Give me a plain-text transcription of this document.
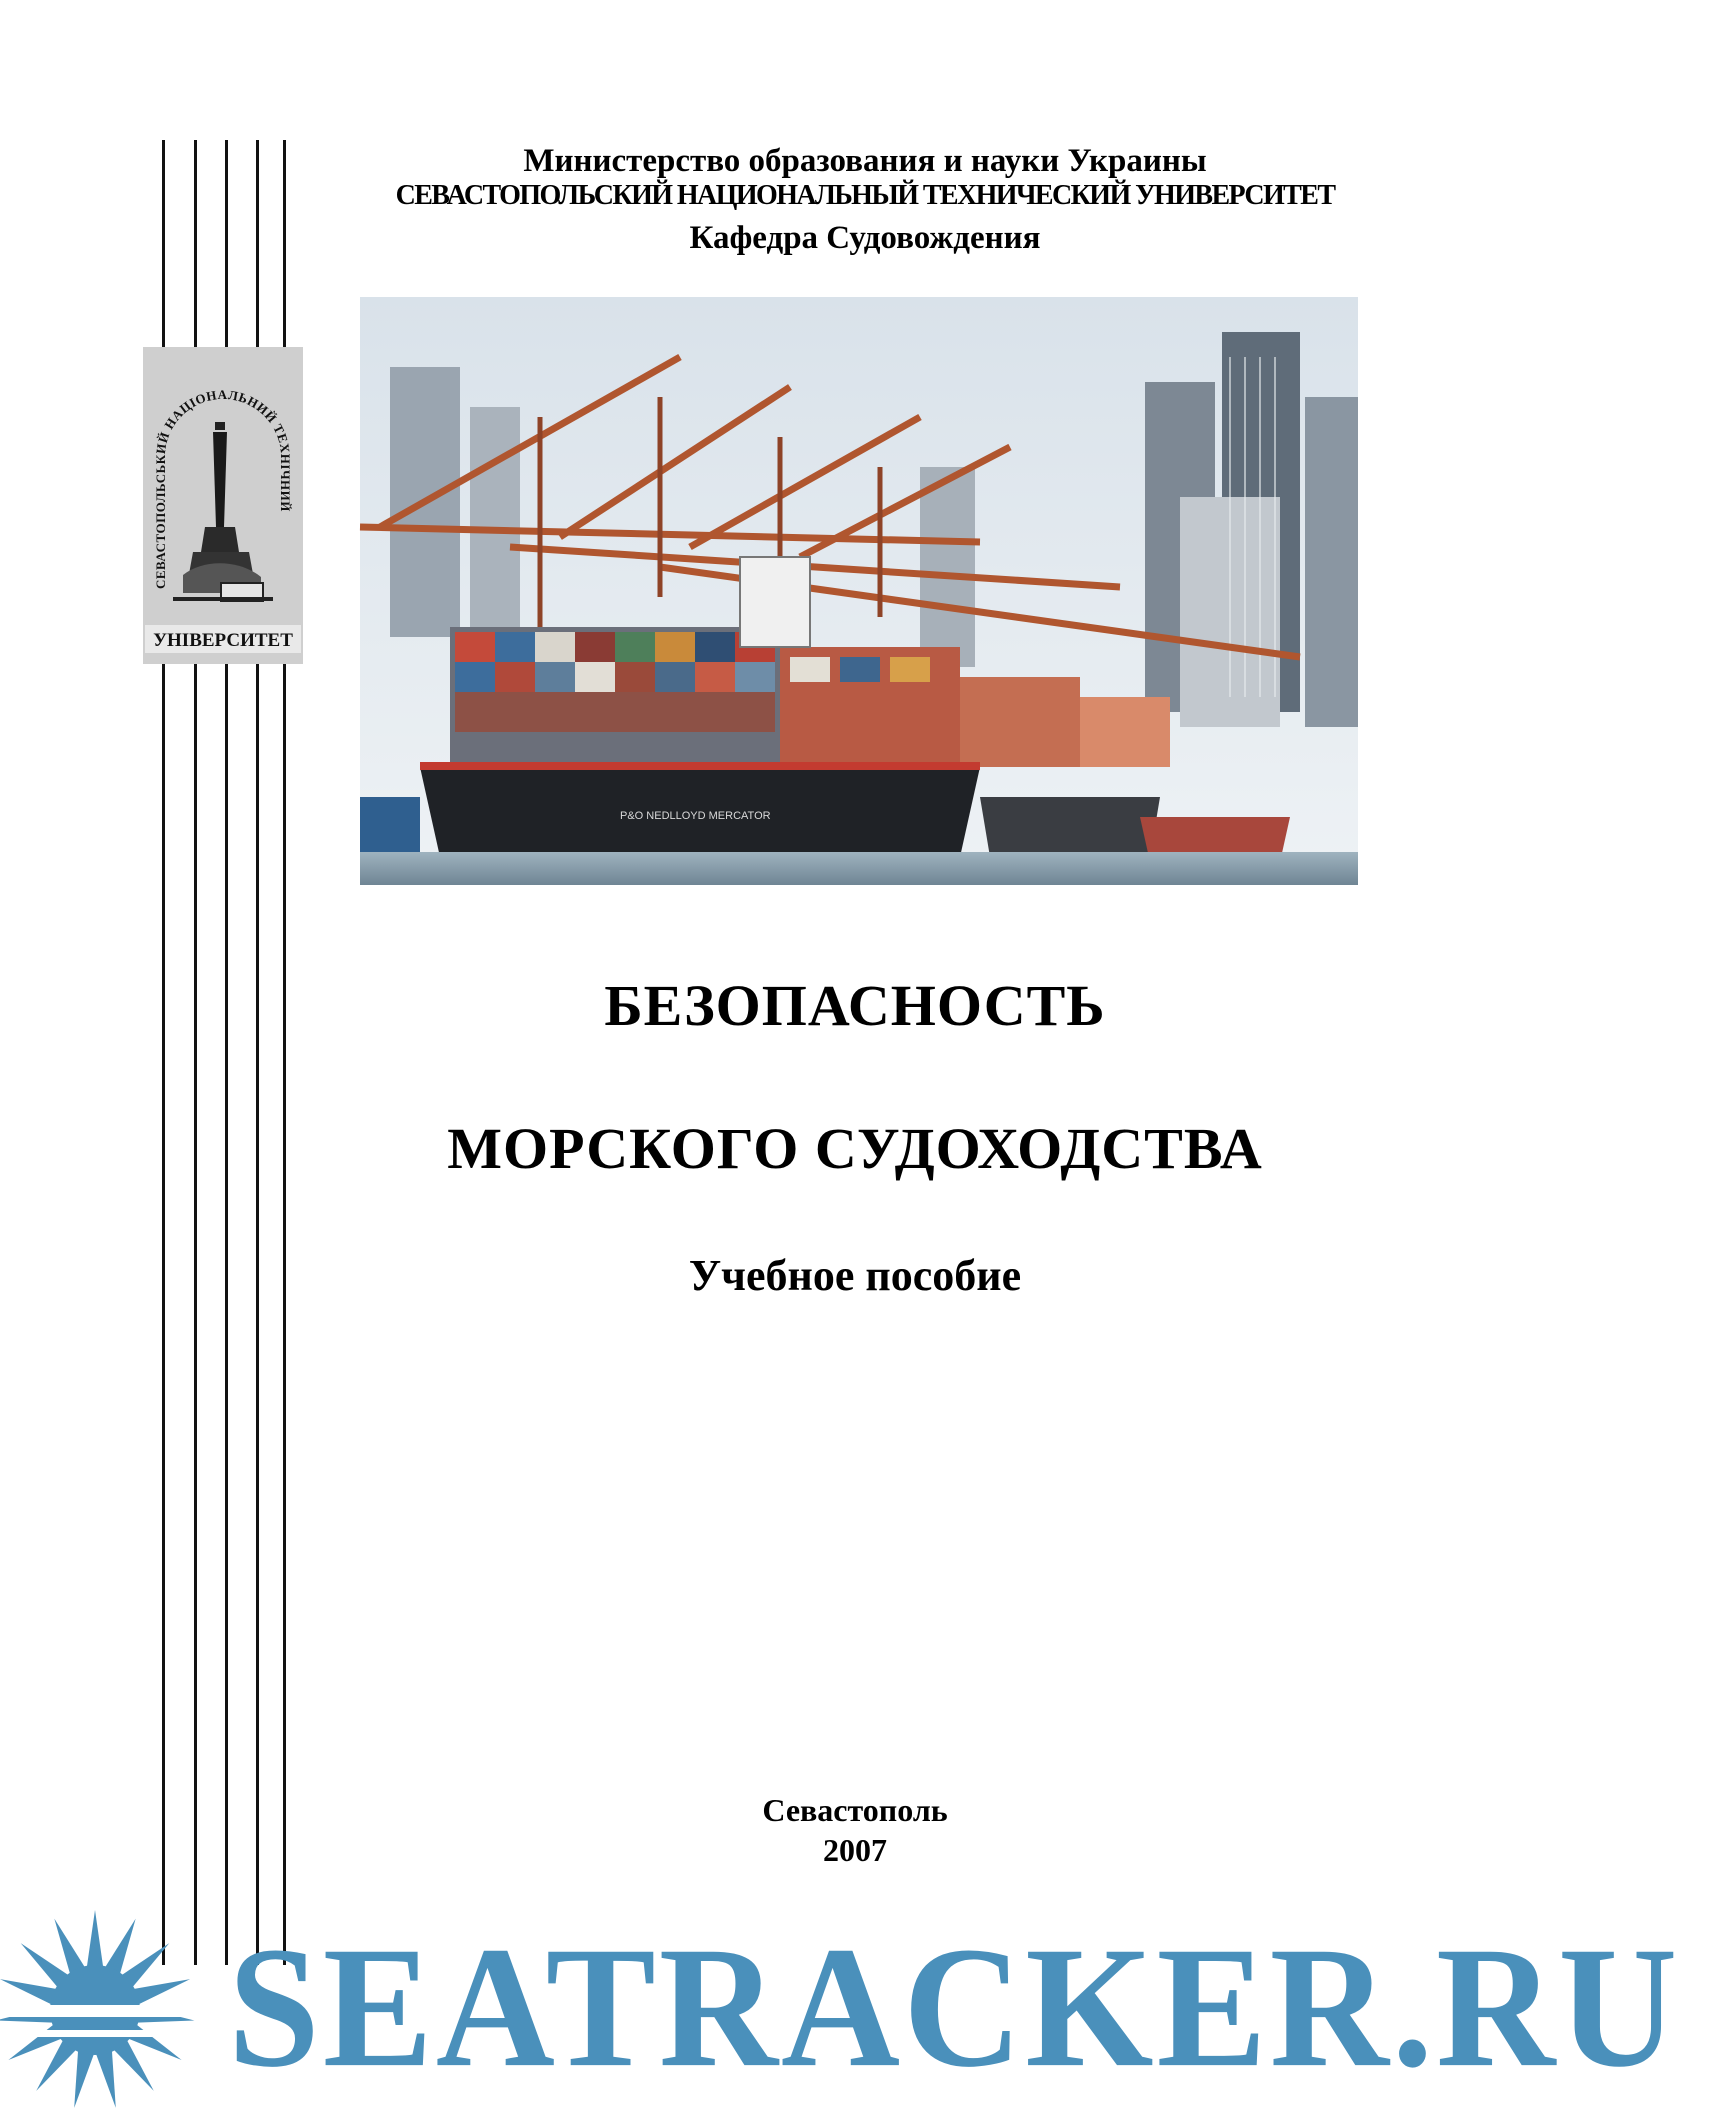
СЕВАСТОПОЛЬСЬКИЙ НАЦІОНАЛЬНИЙ ТЕХНІЧНИЙ
УНІВЕРСИТЕТ
Министерство образования и науки Украины
СЕВАСТОПОЛЬСКИЙ НАЦИОНАЛЬНЫЙ ТЕХНИЧЕСКИЙ УНИВЕРСИТЕТ
Кафедра Судовождения
P&O NEDLLOYD MERCATOR
БЕЗОПАСНОСТЬ
МОРСКОГО СУДОХОДСТВА
Учебное пособие
Севастополь
2007
SEATRACKER.RU
